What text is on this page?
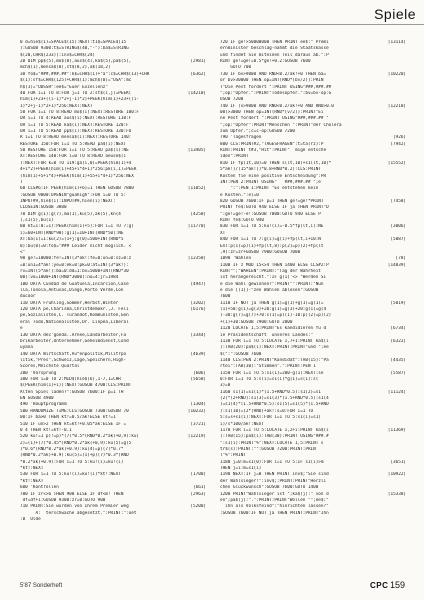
Spiele
0 d=hie$(1)=SPACE$(15):NEXT:t1$=SPACE$(15
):GOSUB 9300:t$=STRING$(40,"-"):ba$=STRING
$(20,CHR$(233)):inv$=CHR$(24)
20 DIM pp$(5),mo$(8),aus$(4),ka$(5),pa$(5),	[2981]
mch$(1),mensa$(8),st$(8,2),a$(18,2)
30 fo$="###,###.##":k$=CHR$(1)+"a":c$=CHR$(13)+CHR	[6362]
$(1):sf$=CHR$(125)+CHR$(1):mch$(0)="USA":mc
h$(1)="UDSSR":ee$="Euer Exzellenz"
40 FOR i=1 TO 8:FOR j=1 TO 2:st$(i,j)=PEEK(	[14210]
him(1)+23+((i-1)*2+j-1)*2)+PEEK(him(1)+23+((i-
1)*2+j-1)*2+1)*256:NEXT:NEXT
50 FOR i=1 TO 8:READ mo$(i):NEXT:RESTORE 100:F
OR i=1 TO 4:READ aus$(i):NEXT:RESTORE 110:F
OR i=1 TO 5:READ ka$(i):NEXT:RESTORE 120:F
OR i=1 TO 5:READ pp$(i):NEXT:RESTORE 130:FO
R i=1 TO 8:READ mensa$(i):NEXT:RESTORE 140:
RESTORE 150:FOR i=1 TO 5:READ pa$(i):NEXT
50 RESTORE 150:FOR i=1 TO 5:READ pa$(i):NE	[13405]
XT:RESTORE 140:FOR i=0 TO 8:READ aeuse$(i
):NEXT:FOR k=0 TO 119:ga(i,0)=PEEK(him(1)+4
4+i*2)+PEEK(him(1)+45+i*4+1)*256:pk(i,1)=PEEK
(him(1)+5+i*4)+PEEK(him(1)+55+i*4+1)*256:NEX
T
60 CLS#6:IF PEEK(him(1)+6)=1 THEN GOSUB 7800	[11052]
:GOSUB 9000:OPENIN"guahigh":FOR i=0 TO 5:
INPUT#9,hie$(i):INPUT#9,hien(i):NEXT:
CLOSEIN:GOSUB 3800
70 DIM g(1):g(7),ma(1),ku(5),ak(5),kn(4	[4250]
),s1(5),bu(1)
80 kt=1:0:=1):PEEK(him(1)+5):FOR i=1 TO 7:g(	[11770]
i)=60+INT(RND*90):g(1)=10+INT(RND*50):NE
XT:ba(1)=1:ku(2)=(1+j:g(0)=500+INT(RND*5
0):bu(0)=0:fo$="### Leider nicht möglich. <
<"
90 ge!=10000:fe!=INT(3*ak!:fe=0:un=0:sz=0:z	[12350]
=0:un1=4*ak!:ye=0:ek=0:pk=0:at=INT(3*ak!):
rv=INT(5*ak!):ba=0:dd=1:bv=5000+INT(RND*30
00):vo=1000+INT(RND*3000):no=4:jr=1984
100 DATA Cundad de Guatuela,Incarcion,Case	[4947]
lla,Tonola,Antusas,Diego,Porto Verde,Con
ducoor
110 DATA Frühling,Sommer,Herbst,Winter	[3202]
120 DATA pe,Charisma,Christdemokr.,J. Feli	[6176]
pe,Sozialisten,C. Turandot,Kommunisten,Gen
eral Todo,Nationalisten,Dr. Linpea,Liberal
e
130 DATA dec'gonda..Arnee,Landarbeiter,Fa	[3344]
brikarbeiter,Unternehmer,Geheimdienst,Cond
uyana
140 DATA Wirtschaft,Au^enpolitik,Militrpo	[4639]
litik,"Pres",Schweiz,Lage,Speichern,High-
Scores,Mnichste Quartal
200 'Vorsprung	[606]
300 FOR i=0 TO 2:MID$(hie$(6),1-7,1=CHR	[5658]
$(PEEK(him(1)+i)):NEXT:GOSUB 4700:CLS:PRINT
Alten Spiel laden?":GOSUB 7600:IF p=1 TH
EN GOSUB 4900
490 'Hauptprogramm	[1304]
500 RANDOMIZE TIME:CLS:GOSUB 7300:GOSUB 70	[10232]
00:IF ba>0 THEN kt!=0.5/ak!ELSE kt!=1
510 IF un>2 THEN kt=kt!+0.05*ak:ELSE IF =	[3721]
0 4 THEN kt!=kt!-0.1
520 ku!=1 p)!=p)*(7)*0.5*(RND*0.2*ak(+0,9):ku(	[12219]
2)=(1)+(7)*0.45*(RND*0.2*ak(+0,9):ku(5)=g(5
)*0.6*(RND*0.2*ak)+0.9):ku(4)=p)(7)*0.7*
(RND*0.2*ak)+0.9):ku(5)=(1)+p)(7)*0.3*(RND
*0.2*ak(+0.9):FOR i=1 TO 5:ku!(i)=ku!(i)
*kt!:NEXT
530 FOR i=1 TO 5:ku!(i)=ku!(i)*kt!:NEXT	[1700]
*kt!:NEXT
600 'Kontrollen	[661]
700 IF zr<>6 THEN 900 ELSE IF df<m! THEN	[2963]
df=df+1:GOSUB 9300:zr=0:GOTO 900
710 PRINT:Sie wurden von Ihrem Premier weg	[5200]
A:  terschwäche abgesetzt.":PRINT:":oet
:0  Olde
720 IF ge!>50000000 THEN PRINT ee$:" Premi	[13114]
ernminister beschlag-nahmt die Staatskasse
und findet Sie miteinen Teil daraus ab.":P
RINT ge!=ge!=0.5*ge!+0.2:GOSUB 7600
GOTO 700
730 IF bv>9000 AND RND<0.2/ak!+0 THEN ba=	[10220]
or bv>30000 THEN op=INT(RND*(bv/2)):PRIN
T"Die Pest fordert ":PRINT USING"###,###.##
";op:"Opfer.":PRINT"Todesopfer.":bv=bv-op:G
OSUB 7200
740 IF (v>9000 AND RND<0.2/ak!+0 AND RND>0.0	[12210]
00)>3000 THEN op=INT(RND*(v/2)):PRINT"Ei
ne Pest fordert ":PRINT USING"###,###.## "
";op:"Opfer":PRINT"Menschen ":PRINT"der Cholera
zum Opfer.";c=c-op:GOSUB 7200
790 'Tagesfragen	[926]
800 CLS:PRINT#2,"TAGESFRAGEN":t=ta(rz):P	[7942]
RINT:PRINT t#3,"Hit":PRINT"  mige entsche
iden":PRINT
810 IF fp(1t,10)=0 THEN s(lt,10)+s1(lt,10)*	[15552]
5*ak!)/(15*ak!))*0.8+RND*0.2):CLS:PRINT
Kosten fie eine positive Entscheidung":PR
INT:PEN 2:PRINT USING"   ###,###.## ";e
":":PEN 1:PRINT "Es entstehen kein
e Kosten.":e)=0
820 GOSUB 7600:IF p=1 THEN ge!=ge!*PRINT	[7458]
PRINT fe$:GOTO 940 ELSE IF ja THEN PRINT"D
":ge!=ge!-e!:GOSUB 7000:GOTO 940 ELSE P
RINT fe$:GOTO 940
830 FOR i=1 TO 5:ku!(i)=-0.5*fp(lt,i):NE	[3006]
XT
840 FOR i=1 TO 7:g(i)=g(i)+fp(lt,i+10:N	[5087]
EXT:p(1)=p)(1)+fp(lt,8):p(2)=p)(2)+fp(lt
,9):zr=zr+GOSUB 7900:GOSUB 7000
1090 'Wahlen	[78]
1100 IF z MOD 15<>4 THEN 1400 ELSE CLS#2:P	[14839]
RINT"";"WAHLEN":PRINT:"Tag der Wahrheit
ist herangereicht.":IF g(1)'<> "Werden Si
e die Wahl gewinnen?":PRINT"":PRINT:"Nun
e die [(1)]-"zen Wahlen ablesen":GOSUB
7600
1110 IF NOT ja THEN g(1)=g(1)+g(1)=g(1)=	[5019]
(1)+50:g(1)=g(3)+20:g(1)=g(3)+20:g(1)=g(4
)-30:g(7)=g(7)+70:s(1)=p)(1)-10:p)(2)=p)(2)
+(1)+30:GOSUB 7900:GOTO 2000
1120 LOCATE 1,5:PRINT"Es kandidieren fü d	[6734]
ie Präsidentschaft  unseres Landes:"
1130 FOR i=1 TO 5:LOCATE 1,7+1:PRINT ka$(i	[6322]
):TAB(20):pa$(i):NEXT:PRINT:PRINT"und ";ee
$(":":GOSUB 7600
1140 CLS:PEN 2:PRINT"Kandidat":TAB(15):"Pa	[4435]
rtei":TAB(30):"Stimmen".":PRINT:PEN 1
1150 FOR i=1 TO 5:s1(1)=200-g(1):NEXT:se	[5587]
0:FOR i=1 TO 5:s(i)=s1(i)*g(1)=s(1):s(
3)=0
1160 s1(1)=s1(1)*(1.5+RND*0.5):s1(2)=s1	[11124]
(2)*(2+RND):s1(3)=s1(3)*(1.5+RND*0.5):s1(4
)=s1(4)*(1.5+RND*0.5):s1(5)=s1(5)*(1.5+RND
):s1(10)=(2*(RND)+ak!:s=0:FOR i=1 TO
5:s=s+s1(i):NEXT:FOR i=1 TO 5:s1(i)=s1(
i)/s*100/ak!:NEXT
1170 FOR i=1 TO 5:LOCATE 1,2+i:PRINT ka$(i	[11369]
):TAB(15):pa$(i):TAB(30):PRINT USING"###.#
":s1(i):PRINT"%":NEXT:LOCATE 1,5:PRINT s
tr$(s):PRINT:"":GOSUB 7200:PRINT:PRIN
T"%":PRINT
1180 j=0:m=s1(0):FOR i=1 TO 5:IF s1(i)>m	[3651]
THEN j=i:m=s1(i)
1190 NEXT:IF j=0 THEN PRINT inv$;"Sie sind	[10922]
der Wahlsieger!":inv$;:PRINT:PRINT"Herzli
chen Glückwunsch":GOSUB 7600:GOTO 1400
1200 PRINT"Wahlsieger ist ";ka$(j):" von d	[15338]
en";pa$(j):".":PRINT:PRINT"Wollen "";ee$:"
ihn als Volksfeind":"hinrichten lassen?"
:GOSUB 7600:IF NOT ja THEN PRINT:PRINT"Ihn
5'87 Sonderheft	CPC 159
